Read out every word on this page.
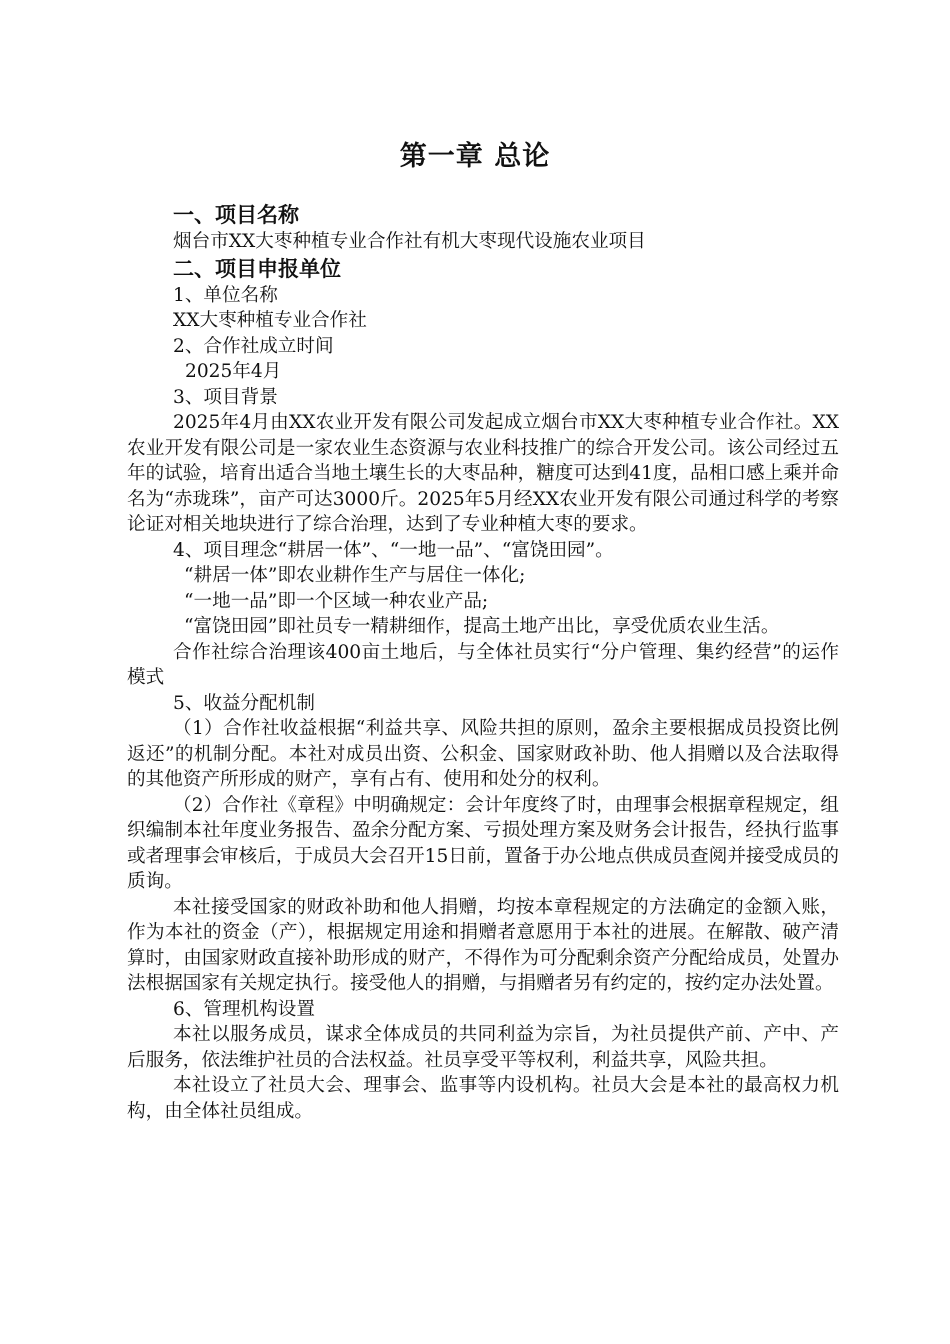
第一章 总论

一、项目名称

烟台市XX大枣种植专业合作社有机大枣现代设施农业项目

二、项目申报单位

1、单位名称

XX大枣种植专业合作社

2、合作社成立时间

2025年4月

3、项目背景

2025年4月由XX农业开发有限公司发起成立烟台市XX大枣种植专业合作社。XX农业开发有限公司是一家农业生态资源与农业科技推广的综合开发公司。该公司经过五年的试验，培育出适合当地土壤生长的大枣品种，糖度可达到41度，品相口感上乘并命名为“赤珑珠”，亩产可达3000斤。2025年5月经XX农业开发有限公司通过科学的考察论证对相关地块进行了综合治理，达到了专业种植大枣的要求。

4、项目理念“耕居一体”、“一地一品”、“富饶田园”。

“耕居一体”即农业耕作生产与居住一体化;

“一地一品”即一个区域一种农业产品;

“富饶田园”即社员专一精耕细作，提高土地产出比，享受优质农业生活。

合作社综合治理该400亩土地后，与全体社员实行“分户管理、集约经营”的运作模式

5、收益分配机制

（1）合作社收益根据“利益共享、风险共担的原则，盈余主要根据成员投资比例返还”的机制分配。本社对成员出资、公积金、国家财政补助、他人捐赠以及合法取得的其他资产所形成的财产，享有占有、使用和处分的权利。

（2）合作社《章程》中明确规定：会计年度终了时，由理事会根据章程规定，组织编制本社年度业务报告、盈余分配方案、亏损处理方案及财务会计报告，经执行监事或者理事会审核后，于成员大会召开15日前，置备于办公地点供成员查阅并接受成员的质询。

本社接受国家的财政补助和他人捐赠，均按本章程规定的方法确定的金额入账，作为本社的资金（产），根据规定用途和捐赠者意愿用于本社的进展。在解散、破产清算时，由国家财政直接补助形成的财产，不得作为可分配剩余资产分配给成员，处置办法根据国家有关规定执行。接受他人的捐赠，与捐赠者另有约定的，按约定办法处置。

6、管理机构设置

本社以服务成员，谋求全体成员的共同利益为宗旨，为社员提供产前、产中、产后服务，依法维护社员的合法权益。社员享受平等权利，利益共享，风险共担。

本社设立了社员大会、理事会、监事等内设机构。社员大会是本社的最高权力机构，由全体社员组成。
